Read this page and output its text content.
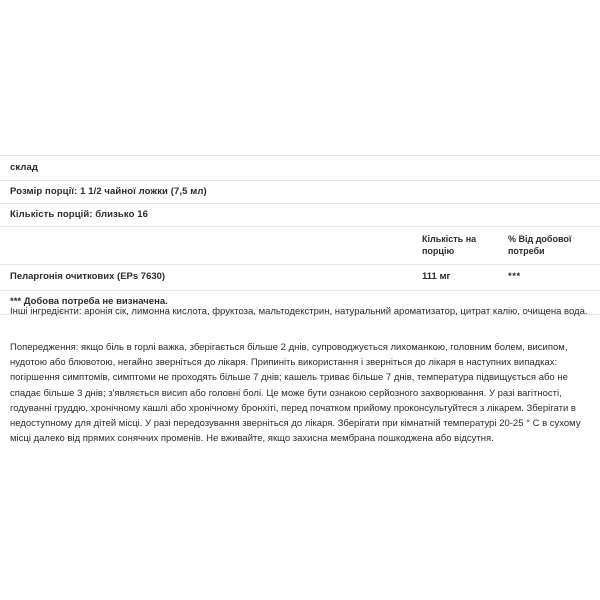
склад
Розмір порції: 1 1/2 чайної ложки (7,5 мл)
Кількість порцій: близько 16
Кількість на порцію
% Від добової потреби
Пеларгонія очиткових (EPs 7630)	111 мг	***
*** Добова потреба не визначена.

Інші інгредієнти: аронія сік, лимонна кислота, фруктоза, мальтодекстрин, натуральний ароматизатор, цитрат калію, очищена вода.

Попередження: якщо біль в горлі важка, зберігається більше 2 днів, супроводжується лихоманкою, головним болем, висипом, нудотою або блювотою, негайно зверніться до лікаря. Припиніть використання і зверніться до лікаря в наступних випадках: погіршення симптомів, симптоми не проходять більше 7 днів; кашель триває більше 7 днів, температура підвищується або не спадає більше 3 днів; з'являється висип або головні болі. Це може бути ознакою серйозного захворювання. У разі вагітності, годуванні груддю, хронічному кашлі або хронічному бронхіті, перед початком прийому проконсультуйтеся з лікарем. Зберігати в недоступному для дітей місці. У разі передозування зверніться до лікаря. Зберігати при кімнатній температурі 20-25 ° С в сухому місці далеко від прямих сонячних променів. Не вживайте, якщо захисна мембрана пошкоджена або відсутня.
